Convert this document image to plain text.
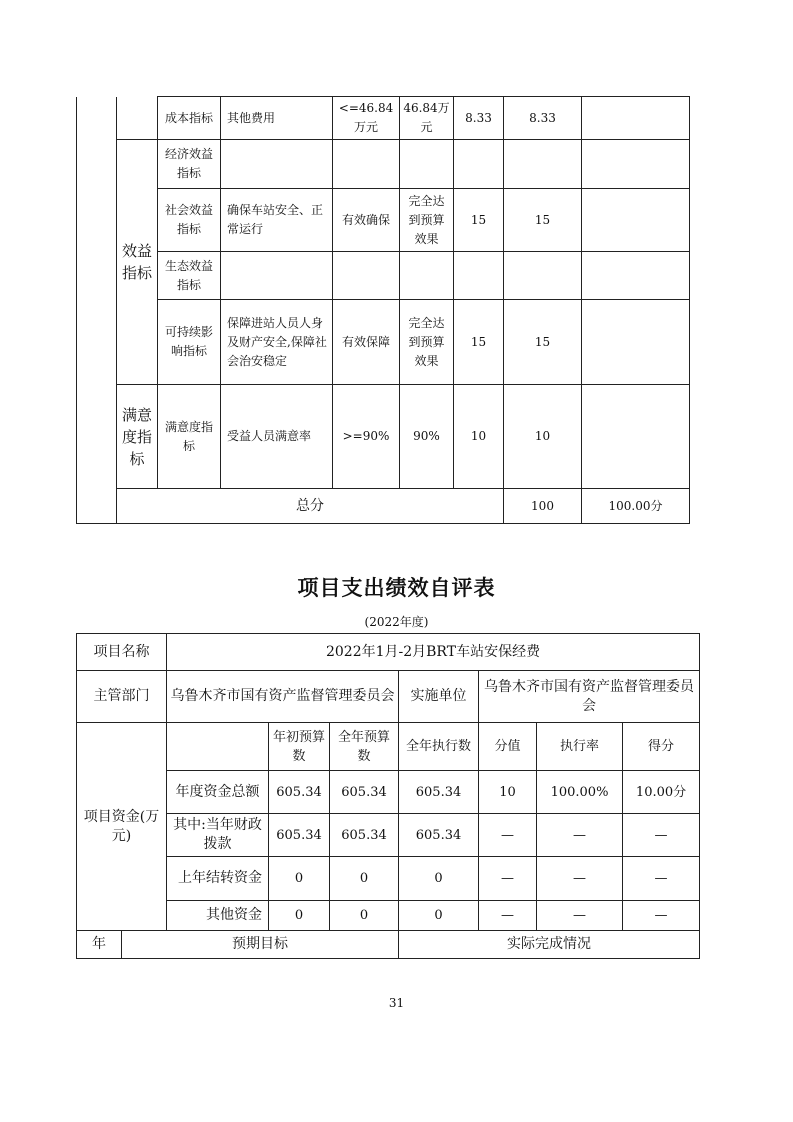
		成本指标	其他费用	<=46.84万元	46.84万元	8.33	8.33		
	效益指标	经济效益指标							
		社会效益指标	确保车站安全、正常运行	有效确保	完全达到预算效果	15	15		
		生态效益指标							
		可持续影响指标	保障进站人员人身及财产安全,保障社会治安稳定	有效保障	完全达到预算效果	15	15		
	满意度指标	满意度指标	受益人员满意率	>=90%	90%	10	10		
	总分						100	100.00分	
项目支出绩效自评表
(2022年度)
项目名称		2022年1月-2月BRT车站安保经费						
主管部门		乌鲁木齐市国有资产监督管理委员会			实施单位	乌鲁木齐市国有资产监督管理委员会		
项目资金(万元)			年初预算数	全年预算数	全年执行数	分值	执行率	得分
		年度资金总额	605.34	605.34	605.34	10	100.00%	10.00分
		其中:当年财政拨款	605.34	605.34	605.34	—	—	—
		上年结转资金	0	0	0	—	—	—
		其他资金	0	0	0	—	—	—
年	预期目标				实际完成情况			
31
